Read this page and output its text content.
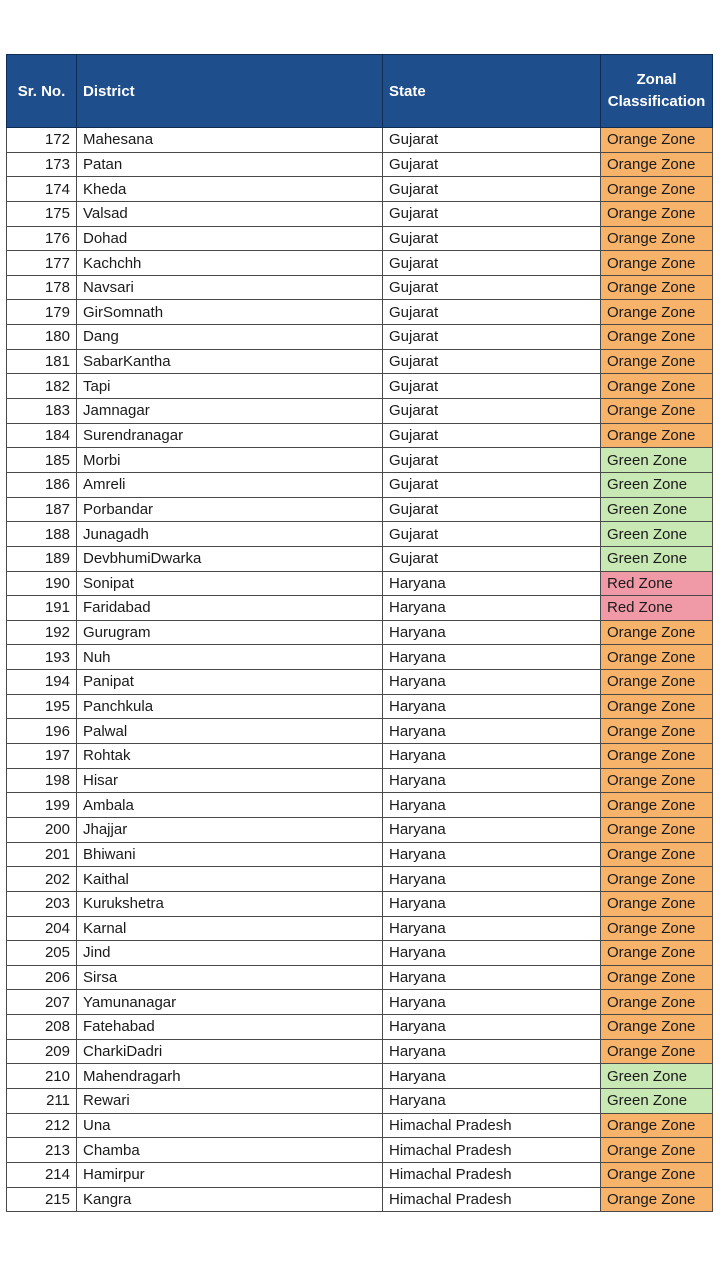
Sr. No.	District	State	Zonal
Classification
172	Mahesana	Gujarat	Orange Zone
173	Patan	Gujarat	Orange Zone
174	Kheda	Gujarat	Orange Zone
175	Valsad	Gujarat	Orange Zone
176	Dohad	Gujarat	Orange Zone
177	Kachchh	Gujarat	Orange Zone
178	Navsari	Gujarat	Orange Zone
179	GirSomnath	Gujarat	Orange Zone
180	Dang	Gujarat	Orange Zone
181	SabarKantha	Gujarat	Orange Zone
182	Tapi	Gujarat	Orange Zone
183	Jamnagar	Gujarat	Orange Zone
184	Surendranagar	Gujarat	Orange Zone
185	Morbi	Gujarat	Green Zone
186	Amreli	Gujarat	Green Zone
187	Porbandar	Gujarat	Green Zone
188	Junagadh	Gujarat	Green Zone
189	DevbhumiDwarka	Gujarat	Green Zone
190	Sonipat	Haryana	Red Zone
191	Faridabad	Haryana	Red Zone
192	Gurugram	Haryana	Orange Zone
193	Nuh	Haryana	Orange Zone
194	Panipat	Haryana	Orange Zone
195	Panchkula	Haryana	Orange Zone
196	Palwal	Haryana	Orange Zone
197	Rohtak	Haryana	Orange Zone
198	Hisar	Haryana	Orange Zone
199	Ambala	Haryana	Orange Zone
200	Jhajjar	Haryana	Orange Zone
201	Bhiwani	Haryana	Orange Zone
202	Kaithal	Haryana	Orange Zone
203	Kurukshetra	Haryana	Orange Zone
204	Karnal	Haryana	Orange Zone
205	Jind	Haryana	Orange Zone
206	Sirsa	Haryana	Orange Zone
207	Yamunanagar	Haryana	Orange Zone
208	Fatehabad	Haryana	Orange Zone
209	CharkiDadri	Haryana	Orange Zone
210	Mahendragarh	Haryana	Green Zone
211	Rewari	Haryana	Green Zone
212	Una	Himachal Pradesh	Orange Zone
213	Chamba	Himachal Pradesh	Orange Zone
214	Hamirpur	Himachal Pradesh	Orange Zone
215	Kangra	Himachal Pradesh	Orange Zone
